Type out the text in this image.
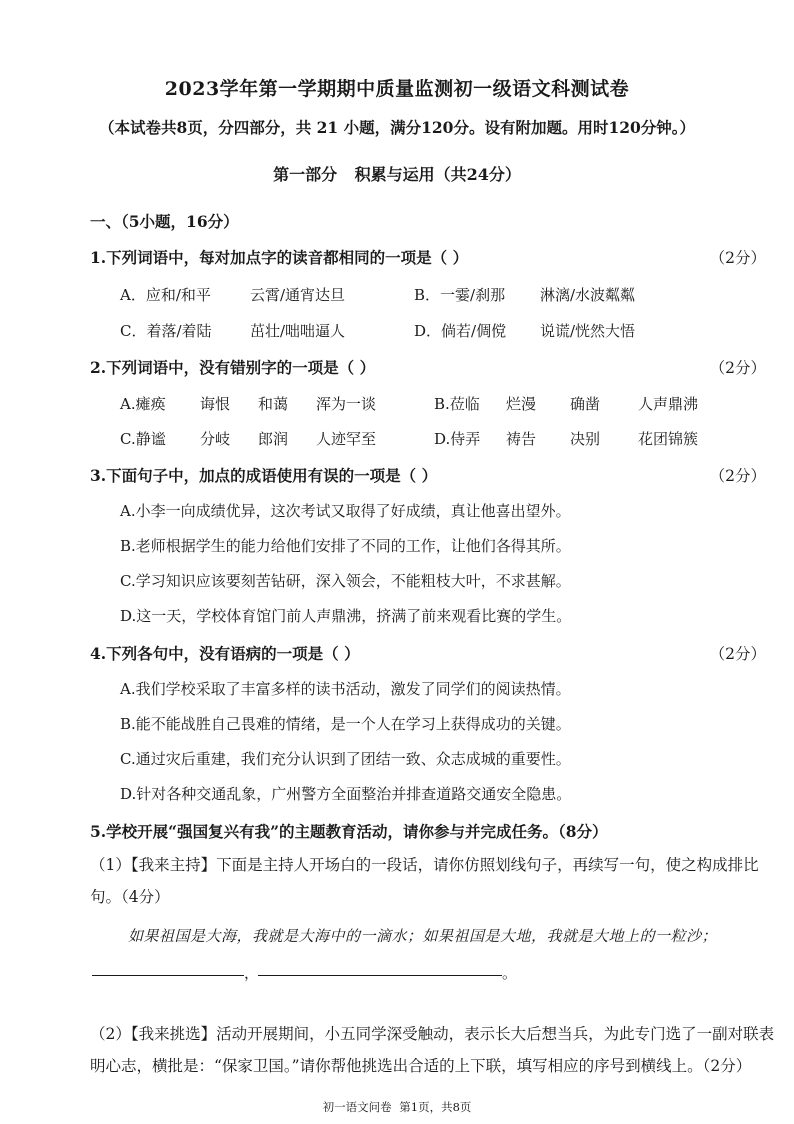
2023学年第一学期期中质量监测初一级语文科测试卷
（本试卷共8页，分四部分，共 21 小题，满分120分。设有附加题。用时120分钟。）
第一部分 积累与运用（共24分）
一、（5小题，16分）
1.下列词语中，每对加点字的读音都相同的一项是（ ）	（2分）
A．应和/和平	云霄/通宵达旦	B．一霎/刹那 淋漓/水波粼粼
C．着落/着陆	茁壮/咄咄逼人	D．倘若/倜傥 说谎/恍然大悟
2.下列词语中，没有错别字的一项是（ ）	（2分）
A.瘫痪 诲恨 和蔼 浑为一谈	B.莅临 烂漫 确凿	人声鼎沸
C.静谧 分岐 郎润 人迹罕至	D.侍弄 祷告 决别	花团锦簇
3.下面句子中，加点的成语使用有误的一项是（ ）	（2分）
A.小李一向成绩优异，这次考试又取得了好成绩，真让他喜出望外。
B.老师根据学生的能力给他们安排了不同的工作，让他们各得其所。
C.学习知识应该要刻苦钻研，深入领会，不能粗枝大叶，不求甚解。
D.这一天，学校体育馆门前人声鼎沸，挤满了前来观看比赛的学生。
4.下列各句中，没有语病的一项是（ ）	（2分）
A.我们学校采取了丰富多样的读书活动，激发了同学们的阅读热情。
B.能不能战胜自己畏难的情绪，是一个人在学习上获得成功的关键。
C.通过灾后重建，我们充分认识到了团结一致、众志成城的重要性。
D.针对各种交通乱象，广州警方全面整治并排查道路交通安全隐患。
5.学校开展“强国复兴有我”的主题教育活动，请你参与并完成任务。（8分）
（1）【我来主持】下面是主持人开场白的一段话，请你仿照划线句子，再续写一句，使之构成排比句。（4分）
如果祖国是大海，我就是大海中的一滴水；如果祖国是大地，我就是大地上的一粒沙；
，	。
（2）【我来挑选】活动开展期间，小五同学深受触动，表示长大后想当兵，为此专门选了一副对联表明心志，横批是：“保家卫国。”请你帮他挑选出合适的上下联，填写相应的序号到横线上。（2分）
初一语文问卷 第1页，共8页
